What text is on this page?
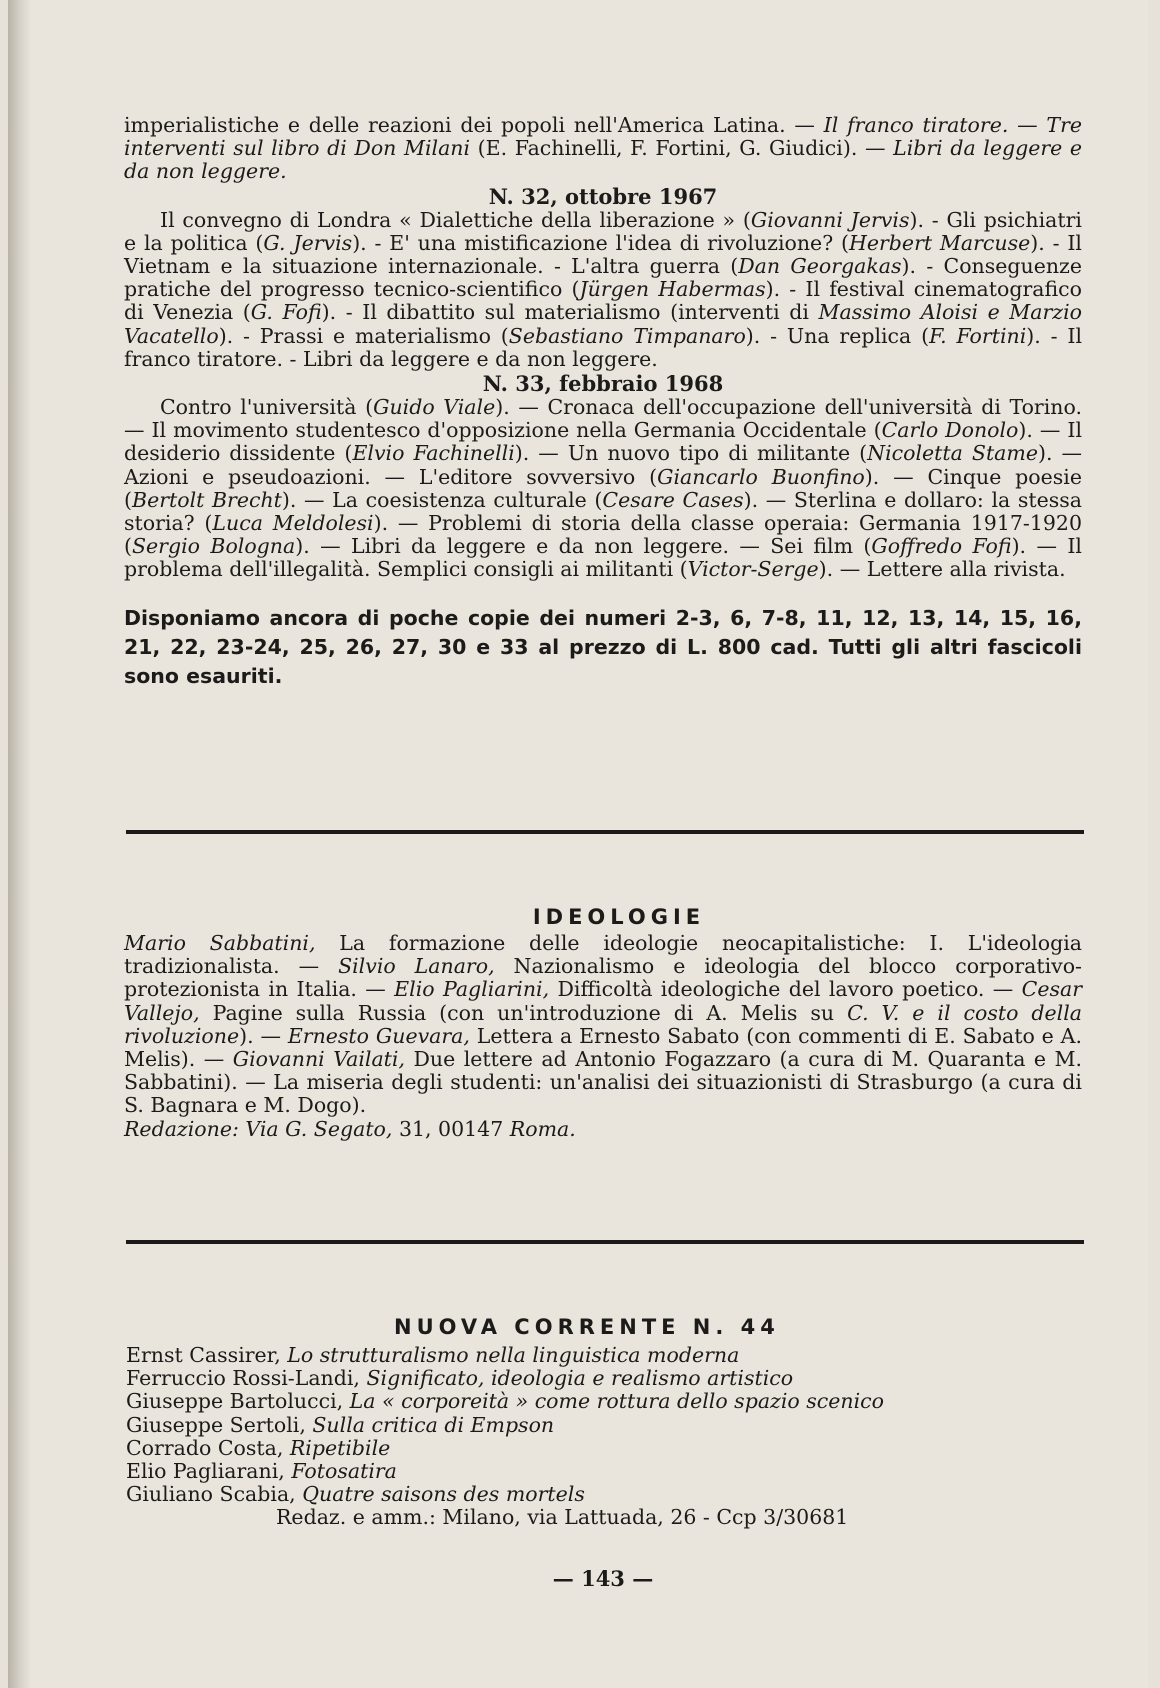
imperialistiche e delle reazioni dei popoli nell'America Latina. — Il franco tiratore. — Tre interventi sul libro di Don Milani (E. Fachinelli, F. Fortini, G. Giudici). — Libri da leggere e da non leggere.

N. 32, ottobre 1967

Il convegno di Londra « Dialettiche della liberazione » (Giovanni Jervis). - Gli psichiatri e la politica (G. Jervis). - E' una mistificazione l'idea di rivoluzione? (Herbert Marcuse). - Il Vietnam e la situazione internazionale. - L'altra guerra (Dan Georgakas). - Conseguenze pratiche del progresso tecnico-scientifico (Jürgen Habermas). - Il festival cinematografico di Venezia (G. Fofi). - Il dibattito sul materialismo (interventi di Massimo Aloisi e Marzio Vacatello). - Prassi e materialismo (Sebastiano Timpanaro). - Una replica (F. Fortini). - Il franco tiratore. - Libri da leggere e da non leggere.

N. 33, febbraio 1968

Contro l'università (Guido Viale). — Cronaca dell'occupazione dell'università di Torino. — Il movimento studentesco d'opposizione nella Germania Occidentale (Carlo Donolo). — Il desiderio dissidente (Elvio Fachinelli). — Un nuovo tipo di militante (Nicoletta Stame). — Azioni e pseudoazioni. — L'editore sovversivo (Giancarlo Buonfino). — Cinque poesie (Bertolt Brecht). — La coesistenza culturale (Cesare Cases). — Sterlina e dollaro: la stessa storia? (Luca Meldolesi). — Problemi di storia della classe operaia: Germania 1917-1920 (Sergio Bologna). — Libri da leggere e da non leggere. — Sei film (Goffredo Fofi). — Il problema dell'illegalità. Semplici consigli ai militanti (Victor-Serge). — Lettere alla rivista.

Disponiamo ancora di poche copie dei numeri 2-3, 6, 7-8, 11, 12, 13, 14, 15, 16, 21, 22, 23-24, 25, 26, 27, 30 e 33 al prezzo di L. 800 cad. Tutti gli altri fascicoli sono esauriti.

IDEOLOGIE

Mario Sabbatini, La formazione delle ideologie neocapitalistiche: I. L'ideologia tradizionalista. — Silvio Lanaro, Nazionalismo e ideologia del blocco corporativo-protezionista in Italia. — Elio Pagliarini, Difficoltà ideologiche del lavoro poetico. — Cesar Vallejo, Pagine sulla Russia (con un'introduzione di A. Melis su C. V. e il costo della rivoluzione). — Ernesto Guevara, Lettera a Ernesto Sabato (con commenti di E. Sabato e A. Melis). — Giovanni Vailati, Due lettere ad Antonio Fogazzaro (a cura di M. Quaranta e M. Sabbatini). — La miseria degli studenti: un'analisi dei situazionisti di Strasburgo (a cura di S. Bagnara e M. Dogo).

Redazione: Via G. Segato, 31, 00147 Roma.

NUOVA CORRENTE N. 44

Ernst Cassirer, Lo strutturalismo nella linguistica moderna

Ferruccio Rossi-Landi, Significato, ideologia e realismo artistico

Giuseppe Bartolucci, La « corporeità » come rottura dello spazio scenico

Giuseppe Sertoli, Sulla critica di Empson

Corrado Costa, Ripetibile

Elio Pagliarani, Fotosatira

Giuliano Scabia, Quatre saisons des mortels

Redaz. e amm.: Milano, via Lattuada, 26 - Ccp 3/30681

— 143 —
